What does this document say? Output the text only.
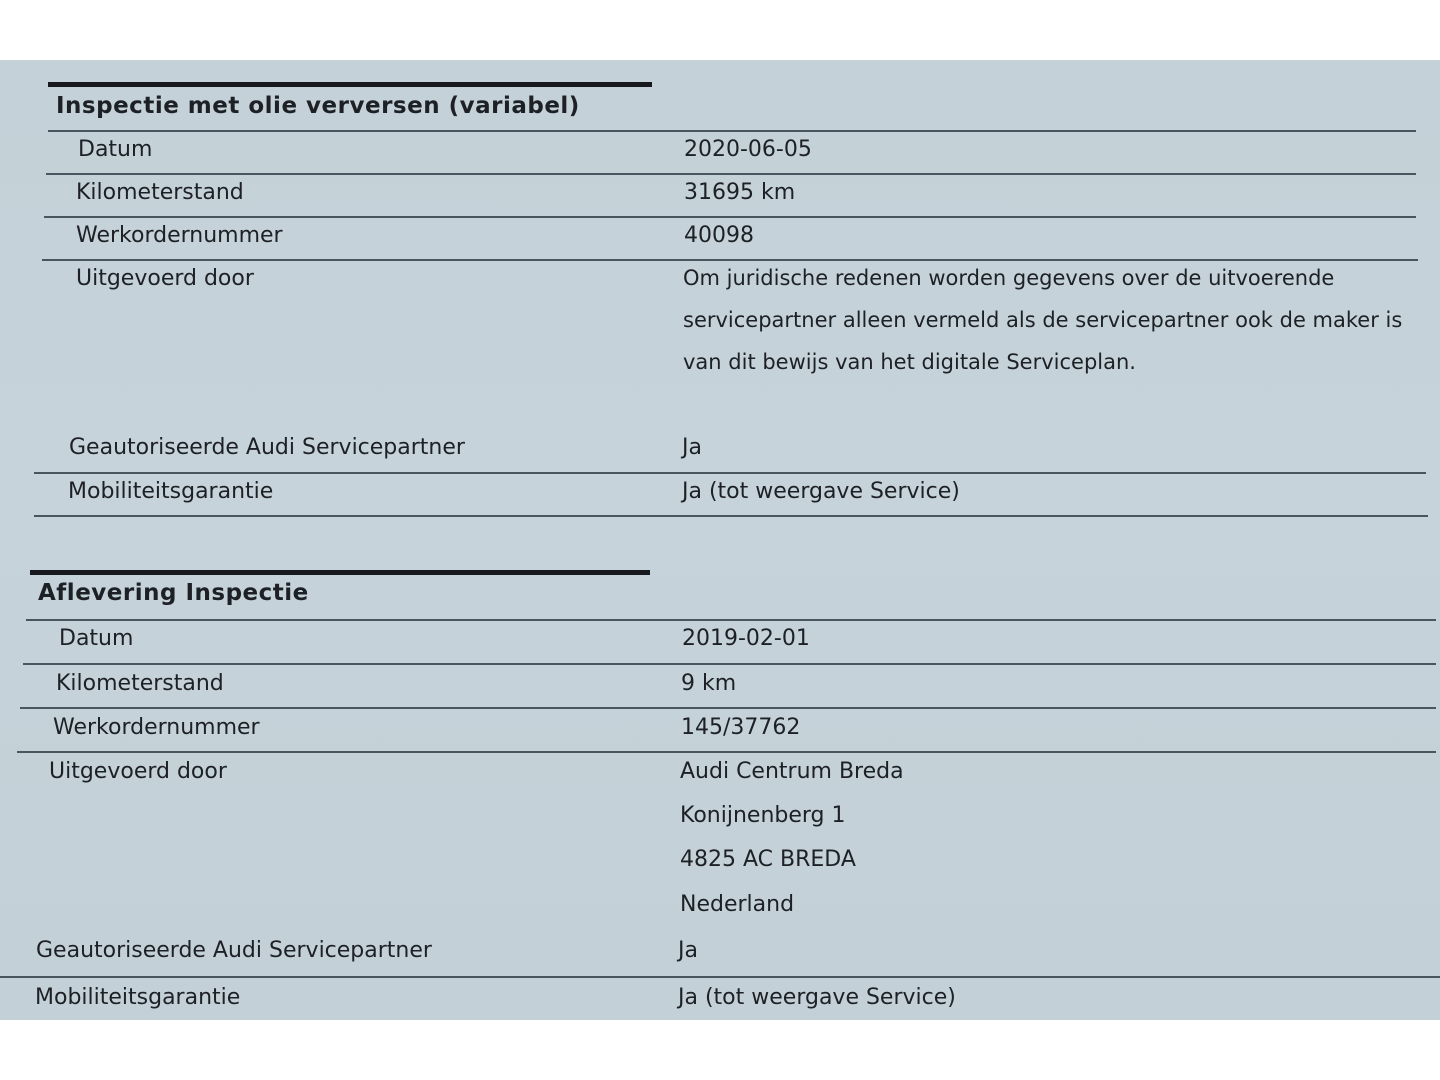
Inspectie met olie verversen (variabel)
Datum	2020-06-05
Kilometerstand	31695 km
Werkordernummer	40098
Uitgevoerd door	Om juridische redenen worden gegevens over de uitvoerende
servicepartner alleen vermeld als de servicepartner ook de maker is
van dit bewijs van het digitale Serviceplan.
Geautoriseerde Audi Servicepartner	Ja
Mobiliteitsgarantie	Ja (tot weergave Service)
Aflevering Inspectie
Datum	2019-02-01
Kilometerstand	9 km
Werkordernummer	145/37762
Uitgevoerd door	Audi Centrum Breda
Konijnenberg 1
4825 AC BREDA
Nederland
Geautoriseerde Audi Servicepartner	Ja
Mobiliteitsgarantie	Ja (tot weergave Service)
